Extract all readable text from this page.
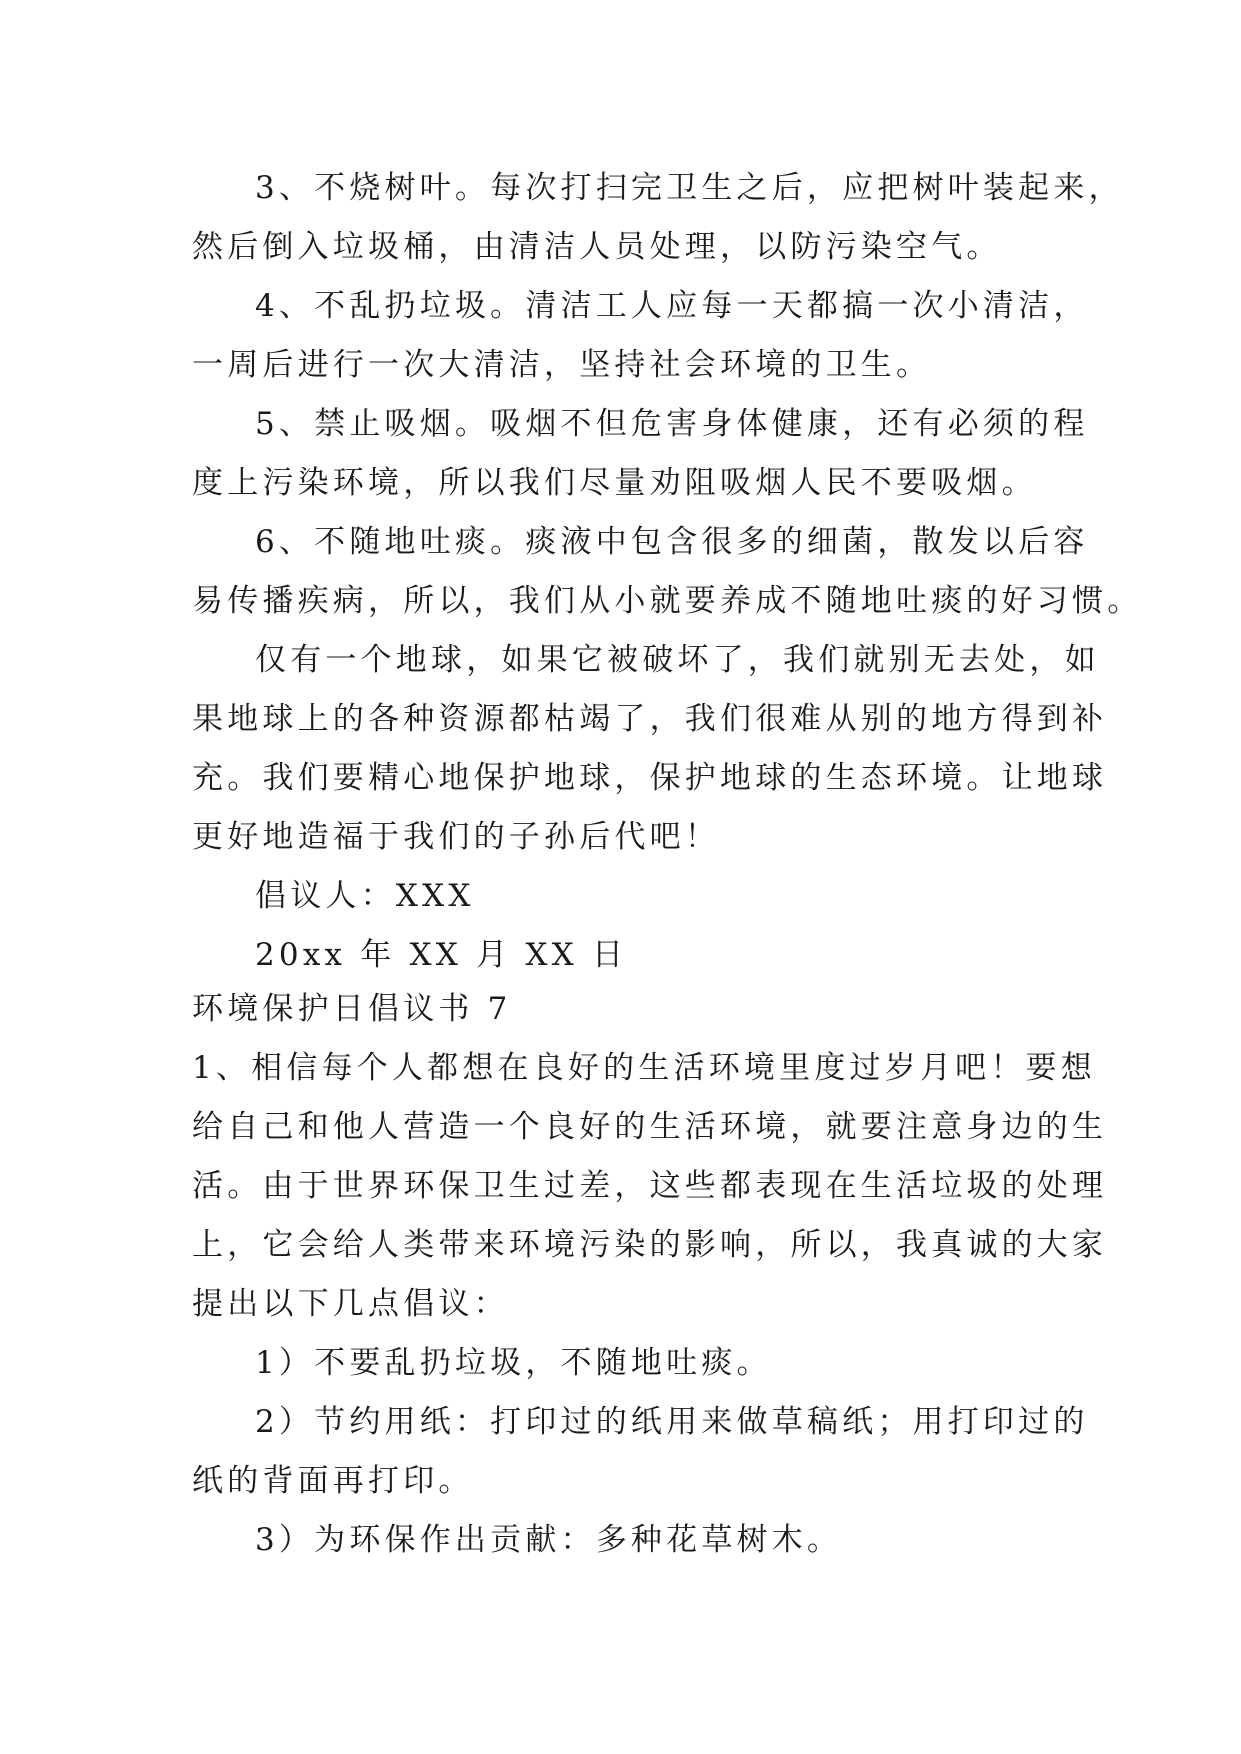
3、不烧树叶。每次打扫完卫生之后，应把树叶装起来，
然后倒入垃圾桶，由清洁人员处理，以防污染空气。
4、不乱扔垃圾。清洁工人应每一天都搞一次小清洁，
一周后进行一次大清洁，坚持社会环境的卫生。
5、禁止吸烟。吸烟不但危害身体健康，还有必须的程
度上污染环境，所以我们尽量劝阻吸烟人民不要吸烟。
6、不随地吐痰。痰液中包含很多的细菌，散发以后容
易传播疾病，所以，我们从小就要养成不随地吐痰的好习惯。
仅有一个地球，如果它被破坏了，我们就别无去处，如
果地球上的各种资源都枯竭了，我们很难从别的地方得到补
充。我们要精心地保护地球，保护地球的生态环境。让地球
更好地造福于我们的子孙后代吧！
倡议人：XXX
20xx 年 XX 月 XX 日
环境保护日倡议书 7
1、相信每个人都想在良好的生活环境里度过岁月吧！要想
给自己和他人营造一个良好的生活环境，就要注意身边的生
活。由于世界环保卫生过差，这些都表现在生活垃圾的处理
上，它会给人类带来环境污染的影响，所以，我真诚的大家
提出以下几点倡议：
1）不要乱扔垃圾，不随地吐痰。
2）节约用纸：打印过的纸用来做草稿纸；用打印过的
纸的背面再打印。
3）为环保作出贡献：多种花草树木。
